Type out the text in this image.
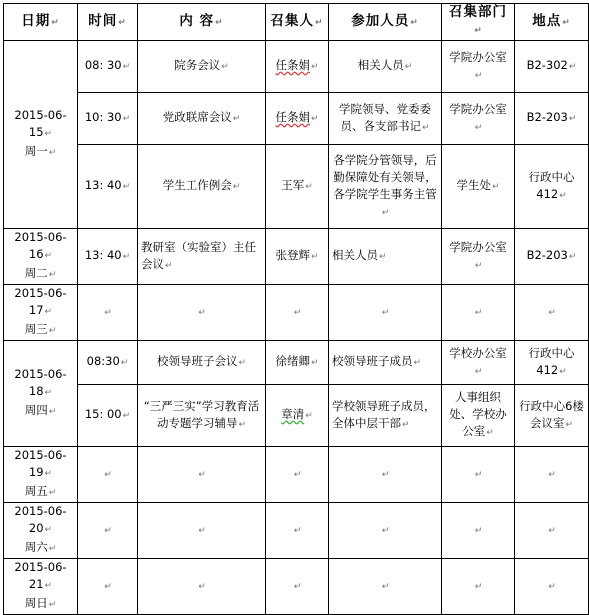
日期↵	时间↵	内 容↵	召集人↵	参加人员↵	召集部门↵	地点↵
2015-06-15↵
周一↵	08: 30↵	院务会议↵	任条娟↵	相关人员↵	学院办公室↵	B2-302↵
	10: 30↵	党政联席会议↵	任条娟↵	学院领导、党委委员、各支部书记↵	学院办公室↵	B2-203↵
	13: 40↵	学生工作例会↵	王军↵	各学院分管领导，后勤保障处有关领导，各学院学生事务主管↵	学生处↵	行政中心412↵
2015-06-16↵
周二↵	13: 40↵	教研室（实验室）主任会议↵	张登辉↵	相关人员↵	学院办公室↵	B2-203↵
2015-06-17↵
周三↵	↵	↵	↵	↵	↵	↵
2015-06-18↵
周四↵	08:30↵	校领导班子会议↵	徐绪卿↵	校领导班子成员↵	学校办公室↵	行政中心412↵
	15: 00↵	“三严三实”学习教育活动专题学习辅导↵	章清↵	学校领导班子成员，全体中层干部↵	人事组织处、学校办公室↵	行政中心6楼会议室↵
2015-06-19↵
周五↵	↵	↵	↵	↵	↵	↵
2015-06-20↵
周六↵	↵	↵	↵	↵	↵	↵
2015-06-21↵
周日↵	↵	↵	↵	↵	↵	↵
